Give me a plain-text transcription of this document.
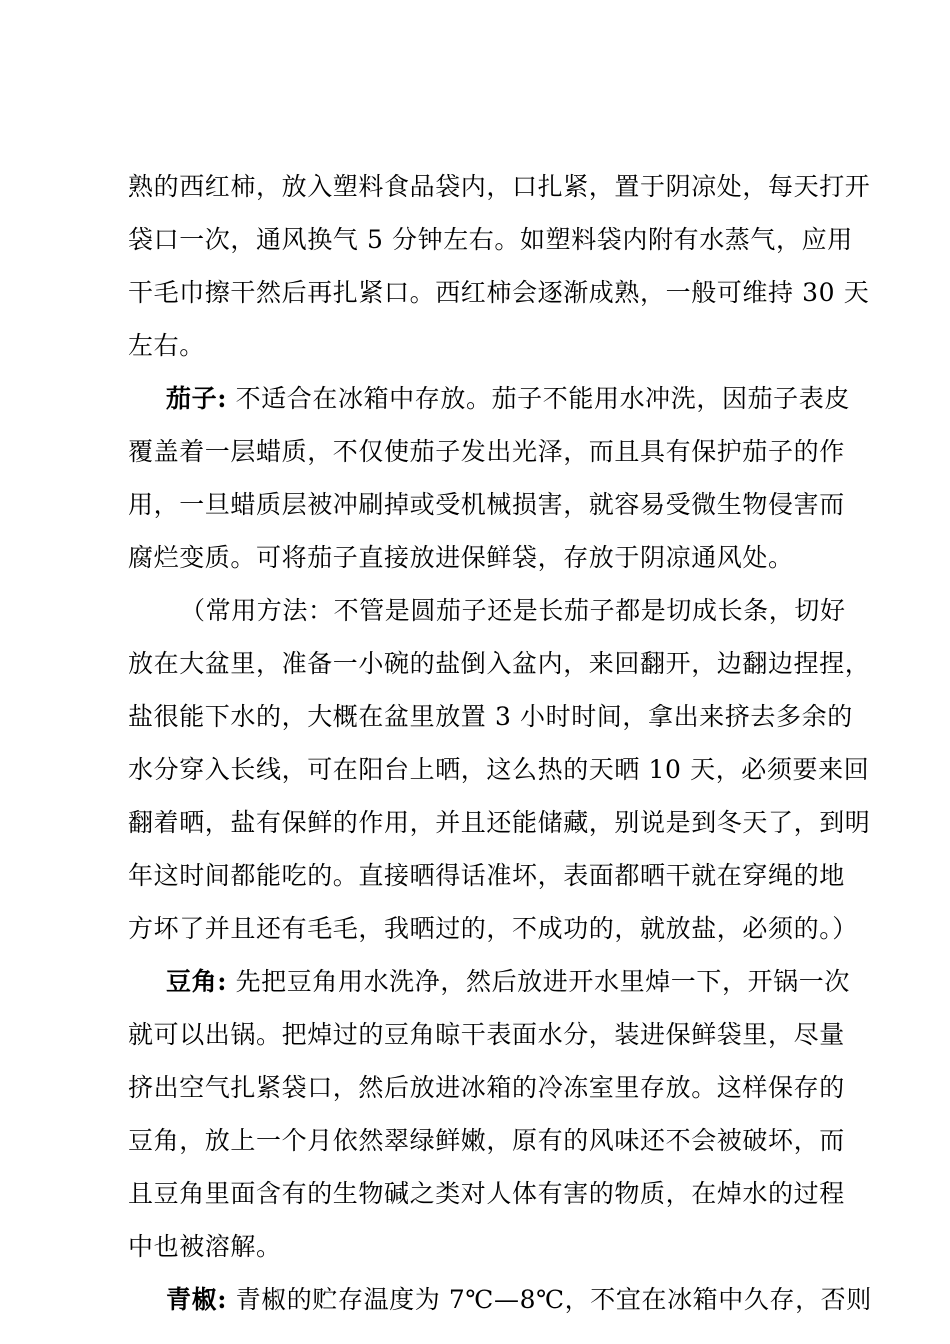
熟的西红柿，放入塑料食品袋内，口扎紧，置于阴凉处，每天打开
袋口一次，通风换气 5 分钟左右。如塑料袋内附有水蒸气，应用
干毛巾擦干然后再扎紧口。西红柿会逐渐成熟，一般可维持 30 天
左右。
茄子: 不适合在冰箱中存放。茄子不能用水冲洗，因茄子表皮
覆盖着一层蜡质，不仅使茄子发出光泽，而且具有保护茄子的作
用，一旦蜡质层被冲刷掉或受机械损害，就容易受微生物侵害而
腐烂变质。可将茄子直接放进保鲜袋，存放于阴凉通风处。
（常用方法：不管是圆茄子还是长茄子都是切成长条，切好
放在大盆里，准备一小碗的盐倒入盆内，来回翻开，边翻边捏捏，
盐很能下水的，大概在盆里放置 3 小时时间，拿出来挤去多余的
水分穿入长线，可在阳台上晒，这么热的天晒 10 天，必须要来回
翻着晒，盐有保鲜的作用，并且还能储藏，别说是到冬天了，到明
年这时间都能吃的。直接晒得话准坏，表面都晒干就在穿绳的地
方坏了并且还有毛毛，我晒过的，不成功的，就放盐，必须的。）
豆角: 先把豆角用水洗净，然后放进开水里焯一下，开锅一次
就可以出锅。把焯过的豆角晾干表面水分，装进保鲜袋里，尽量
挤出空气扎紧袋口，然后放进冰箱的冷冻室里存放。这样保存的
豆角，放上一个月依然翠绿鲜嫩，原有的风味还不会被破坏，而
且豆角里面含有的生物碱之类对人体有害的物质，在焯水的过程
中也被溶解。
青椒: 青椒的贮存温度为 7℃—8℃，不宜在冰箱中久存，否则
